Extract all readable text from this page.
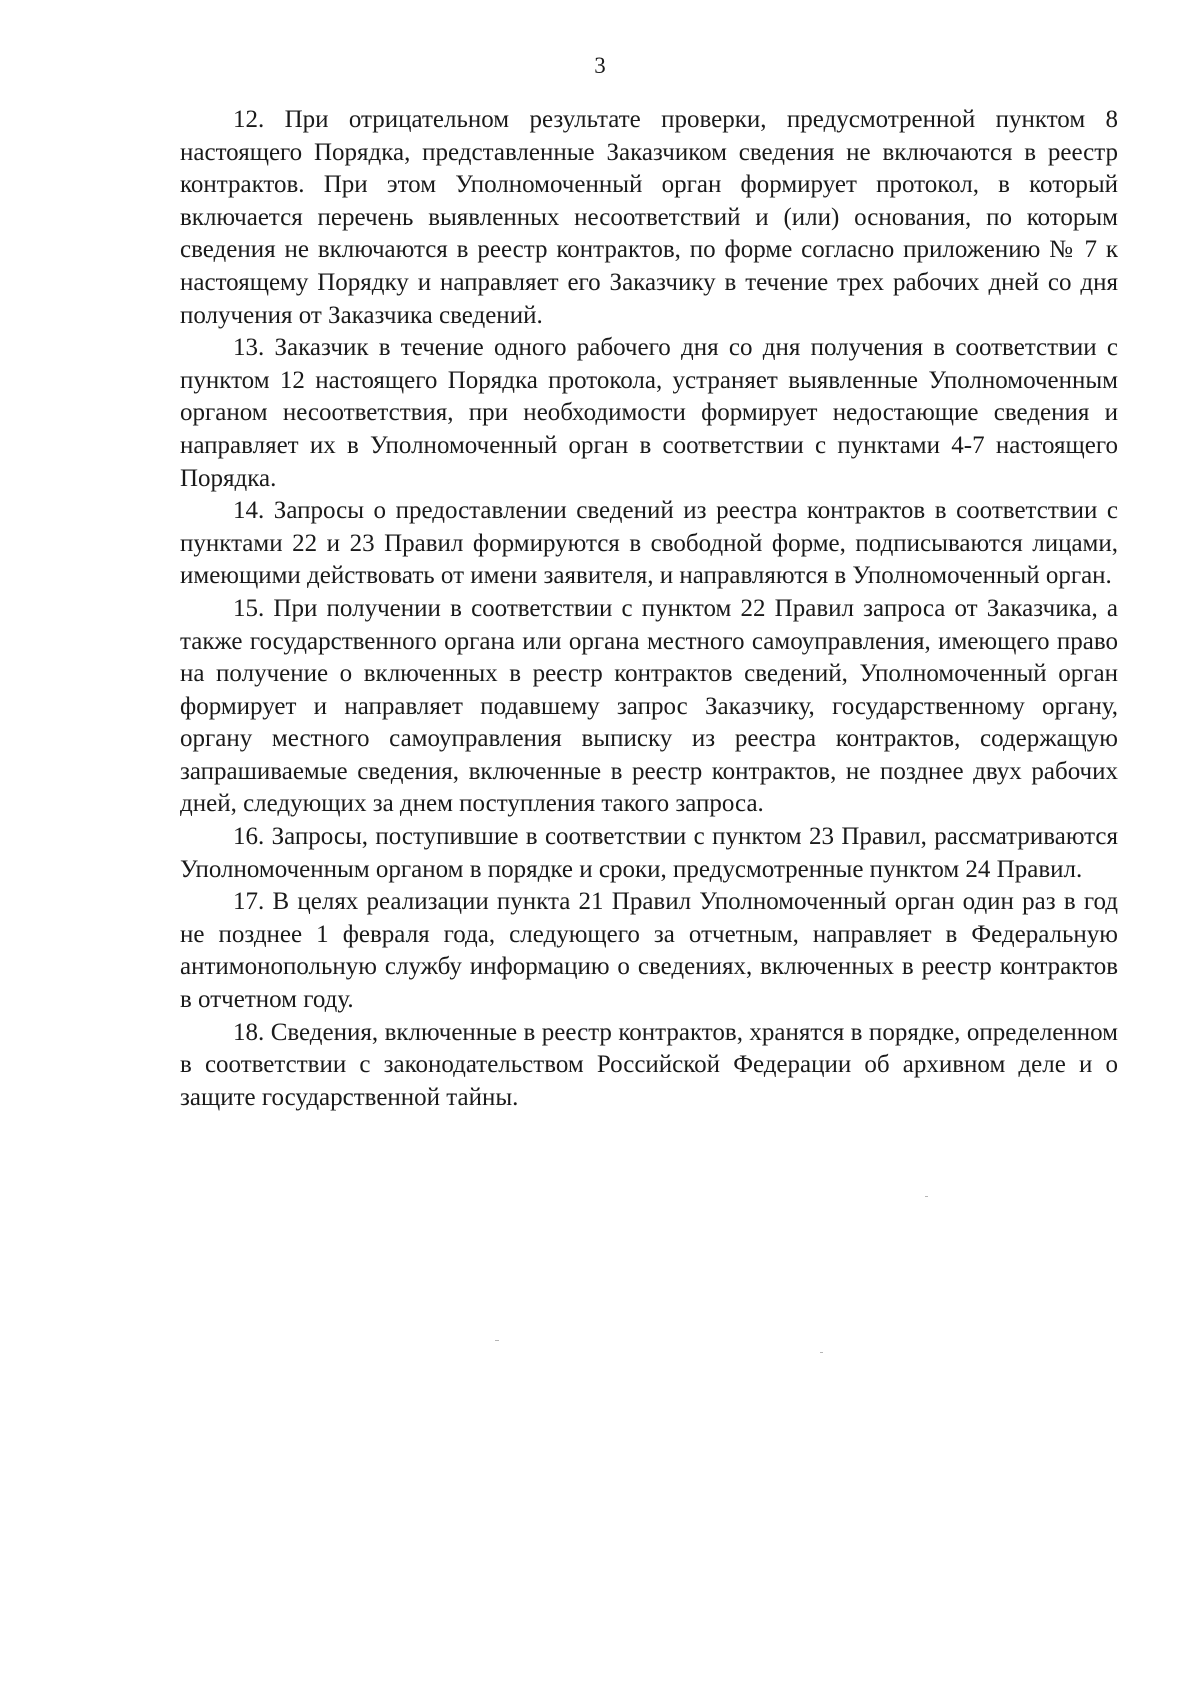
3

12. При отрицательном результате проверки, предусмотренной пунктом 8 настоящего Порядка, представленные Заказчиком сведения не включаются в реестр контрактов. При этом Уполномоченный орган формирует протокол, в который включается перечень выявленных несоответствий и (или) основания, по которым сведения не включаются в реестр контрактов, по форме согласно приложению № 7 к настоящему Порядку и направляет его Заказчику в течение трех рабочих дней со дня получения от Заказчика сведений.

13. Заказчик в течение одного рабочего дня со дня получения в соответствии с пунктом 12 настоящего Порядка протокола, устраняет выявленные Уполномоченным органом несоответствия, при необходимости формирует недостающие сведения и направляет их в Уполномоченный орган в соответствии с пунктами 4-7 настоящего Порядка.

14. Запросы о предоставлении сведений из реестра контрактов в соответствии с пунктами 22 и 23 Правил формируются в свободной форме, подписываются лицами, имеющими действовать от имени заявителя, и направляются в Уполномоченный орган.

15. При получении в соответствии с пунктом 22 Правил запроса от Заказчика, а также государственного органа или органа местного самоуправления, имеющего право на получение о включенных в реестр контрактов сведений, Уполномоченный орган формирует и направляет подавшему запрос Заказчику, государственному органу, органу местного самоуправления выписку из реестра контрактов, содержащую запрашиваемые сведения, включенные в реестр контрактов, не позднее двух рабочих дней, следующих за днем поступления такого запроса.

16. Запросы, поступившие в соответствии с пунктом 23 Правил, рассматриваются Уполномоченным органом в порядке и сроки, предусмотренные пунктом 24 Правил.

17. В целях реализации пункта 21 Правил Уполномоченный орган один раз в год не позднее 1 февраля года, следующего за отчетным, направляет в Федеральную антимонопольную службу информацию о сведениях, включенных в реестр контрактов в отчетном году.

18. Сведения, включенные в реестр контрактов, хранятся в порядке, определенном в соответствии с законодательством Российской Федерации об архивном деле и о защите государственной тайны.
